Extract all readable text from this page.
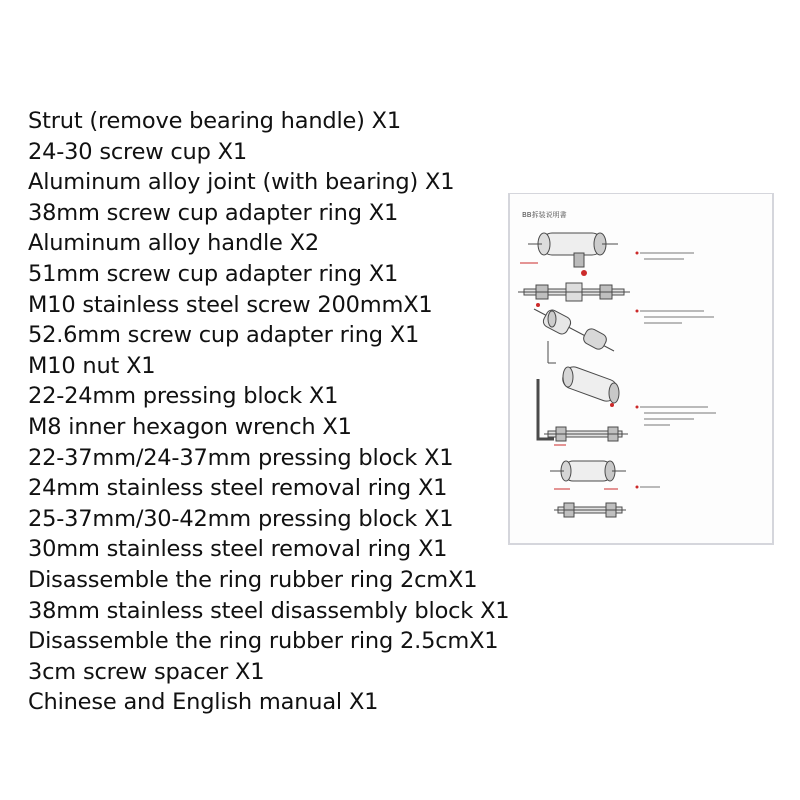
Strut (remove bearing handle) X1
24-30 screw cup X1
Aluminum alloy joint (with bearing) X1
38mm screw cup adapter ring X1
Aluminum alloy handle X2
51mm screw cup adapter ring X1
M10 stainless steel screw 200mmX1
52.6mm screw cup adapter ring X1
M10 nut X1
22-24mm pressing block X1
M8 inner hexagon wrench X1
22-37mm/24-37mm pressing block X1
24mm stainless steel removal ring X1
25-37mm/30-42mm pressing block X1
30mm stainless steel removal ring X1
Disassemble the ring rubber ring 2cmX1
38mm stainless steel disassembly block X1
Disassemble the ring rubber ring 2.5cmX1
3cm screw spacer X1
Chinese and English manual X1
BB拆装说明書
